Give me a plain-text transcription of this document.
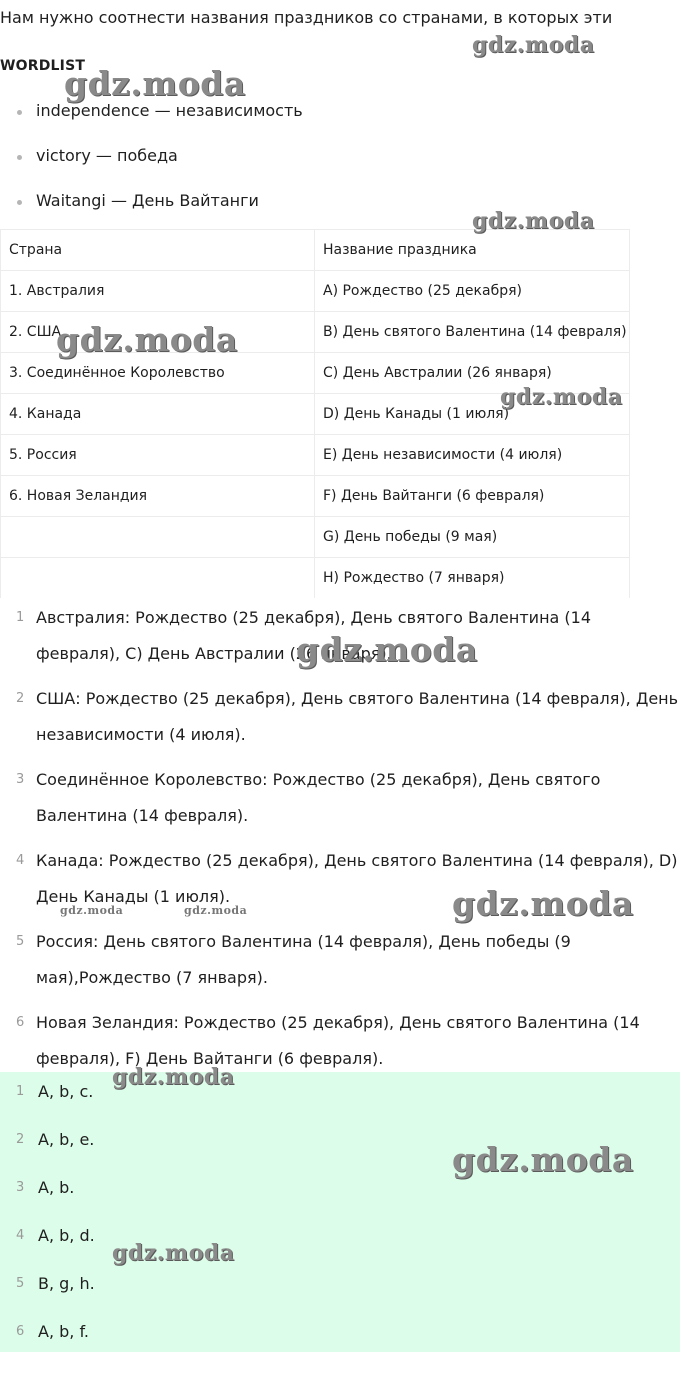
Нам нужно соотнести названия праздников со странами, в которых эти
WORDLIST
independence — независимость
victory — победа
Waitangi — День Вайтанги
Страна	Название праздника
1. Австралия	A) Рождество (25 декабря)
2. США	B) День святого Валентина (14 февраля)
3. Соединённое Королевство	C) День Австралии (26 января)
4. Канада	D) День Канады (1 июля)
5. Россия	E) День независимости (4 июля)
6. Новая Зеландия	F) День Вайтанги (6 февраля)
	G) День победы (9 мая)
	H) Рождество (7 января)
1 Австралия: Рождество (25 декабря), День святого Валентина (14 февраля), C) День Австралии (26 января).
2 США: Рождество (25 декабря), День святого Валентина (14 февраля), День независимости (4 июля).
3 Соединённое Королевство: Рождество (25 декабря), День святого Валентина (14 февраля).
4 Канада: Рождество (25 декабря), День святого Валентина (14 февраля), D) День Канады (1 июля).
5 Россия: День святого Валентина (14 февраля), День победы (9 мая),Рождество (7 января).
6 Новая Зеландия: Рождество (25 декабря), День святого Валентина (14 февраля), F) День Вайтанги (6 февраля).
1 A, b, c.
2 A, b, e.
3 A, b.
4 A, b, d.
5 B, g, h.
6 A, b, f.
gdz.moda
gdz.moda
gdz.moda
gdz.moda
gdz.moda
gdz.moda
gdz.moda	gdz.moda	gdz.moda
gdz.moda
gdz.moda
gdz.moda
